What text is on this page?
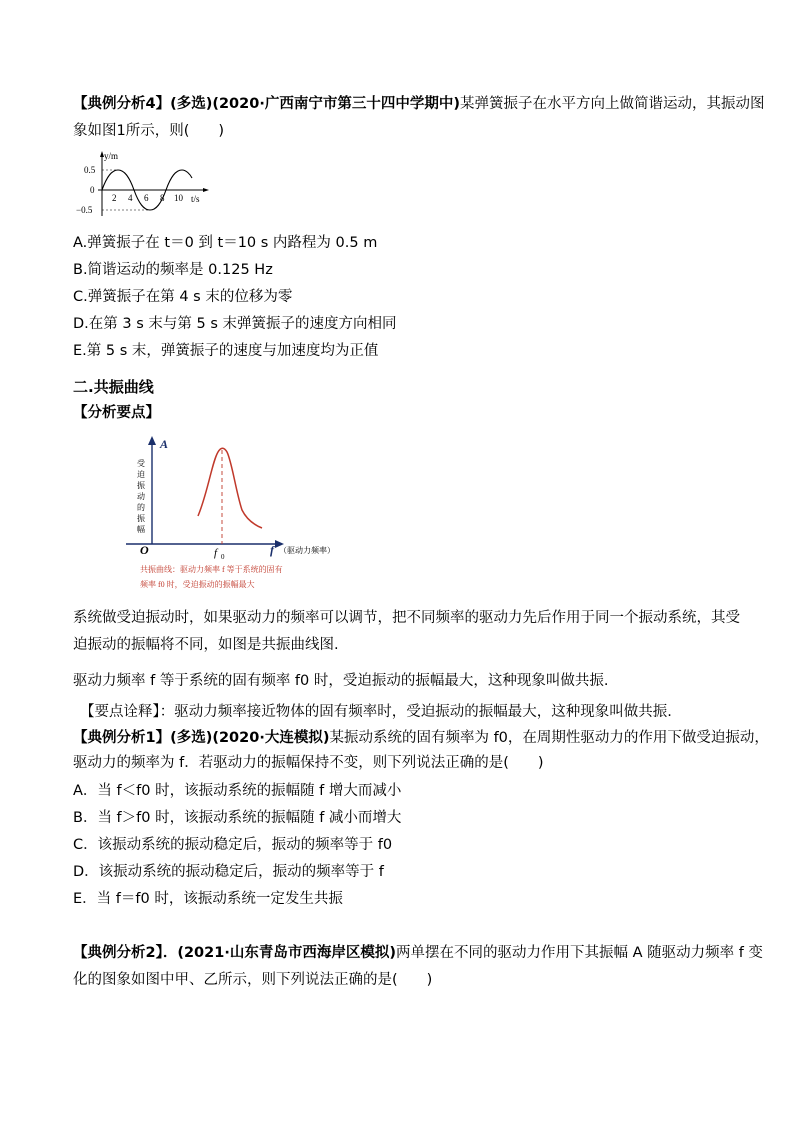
【典例分析4】(多选)(2020·广西南宁市第三十四中学期中)某弹簧振子在水平方向上做简谐运动，其振动图
象如图1所示，则(　　)
y/m
t/s
0.5
0
−0.5
2 4 6 8 10
A.弹簧振子在 t＝0 到 t＝10 s 内路程为 0.5 m
B.简谐运动的频率是 0.125 Hz
C.弹簧振子在第 4 s 末的位移为零
D.在第 3 s 末与第 5 s 末弹簧振子的速度方向相同
E.第 5 s 末，弹簧振子的速度与加速度均为正值
二.共振曲线
【分析要点】
A
受
迫
振
动
的
振
幅
O	f 0	f （驱动力频率）
共振曲线：驱动力频率 f 等于系统的固有
频率 f0 时，受迫振动的振幅最大
系统做受迫振动时，如果驱动力的频率可以调节，把不同频率的驱动力先后作用于同一个振动系统，其受
迫振动的振幅将不同，如图是共振曲线图.
驱动力频率 f 等于系统的固有频率 f0 时，受迫振动的振幅最大，这种现象叫做共振.
【要点诠释】：驱动力频率接近物体的固有频率时，受迫振动的振幅最大，这种现象叫做共振.
【典例分析1】(多选)(2020·大连模拟)某振动系统的固有频率为 f0，在周期性驱动力的作用下做受迫振动，
驱动力的频率为 f．若驱动力的振幅保持不变，则下列说法正确的是(　　)
A．当 f＜f0 时，该振动系统的振幅随 f 增大而减小
B．当 f＞f0 时，该振动系统的振幅随 f 减小而增大
C．该振动系统的振动稳定后，振动的频率等于 f0
D．该振动系统的振动稳定后，振动的频率等于 f
E．当 f＝f0 时，该振动系统一定发生共振
【典例分析2】．(2021·山东青岛市西海岸区模拟)两单摆在不同的驱动力作用下其振幅 A 随驱动力频率 f 变
化的图象如图中甲、乙所示，则下列说法正确的是(　　)
